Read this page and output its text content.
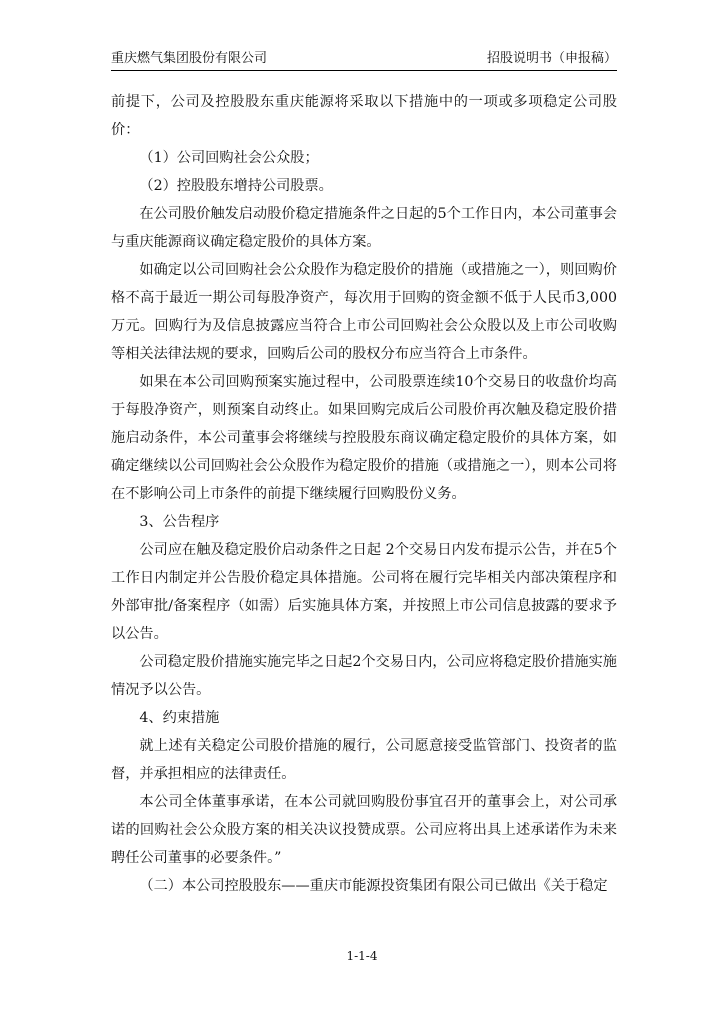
重庆燃气集团股份有限公司	招股说明书（申报稿）

前提下，公司及控股股东重庆能源将采取以下措施中的一项或多项稳定公司股价：

（1）公司回购社会公众股；

（2）控股股东增持公司股票。

在公司股价触发启动股价稳定措施条件之日起的5个工作日内，本公司董事会与重庆能源商议确定稳定股价的具体方案。

如确定以公司回购社会公众股作为稳定股价的措施（或措施之一），则回购价格不高于最近一期公司每股净资产，每次用于回购的资金额不低于人民币3,000万元。回购行为及信息披露应当符合上市公司回购社会公众股以及上市公司收购等相关法律法规的要求，回购后公司的股权分布应当符合上市条件。

如果在本公司回购预案实施过程中，公司股票连续10个交易日的收盘价均高于每股净资产，则预案自动终止。如果回购完成后公司股价再次触及稳定股价措施启动条件，本公司董事会将继续与控股股东商议确定稳定股价的具体方案，如确定继续以公司回购社会公众股作为稳定股价的措施（或措施之一），则本公司将在不影响公司上市条件的前提下继续履行回购股份义务。

3、公告程序

公司应在触及稳定股价启动条件之日起 2个交易日内发布提示公告，并在5个工作日内制定并公告股价稳定具体措施。公司将在履行完毕相关内部决策程序和外部审批/备案程序（如需）后实施具体方案，并按照上市公司信息披露的要求予以公告。

公司稳定股价措施实施完毕之日起2个交易日内，公司应将稳定股价措施实施情况予以公告。

4、约束措施

就上述有关稳定公司股价措施的履行，公司愿意接受监管部门、投资者的监督，并承担相应的法律责任。

本公司全体董事承诺，在本公司就回购股份事宜召开的董事会上，对公司承诺的回购社会公众股方案的相关决议投赞成票。公司应将出具上述承诺作为未来聘任公司董事的必要条件。”

（二）本公司控股股东——重庆市能源投资集团有限公司已做出《关于稳定

1-1-4
